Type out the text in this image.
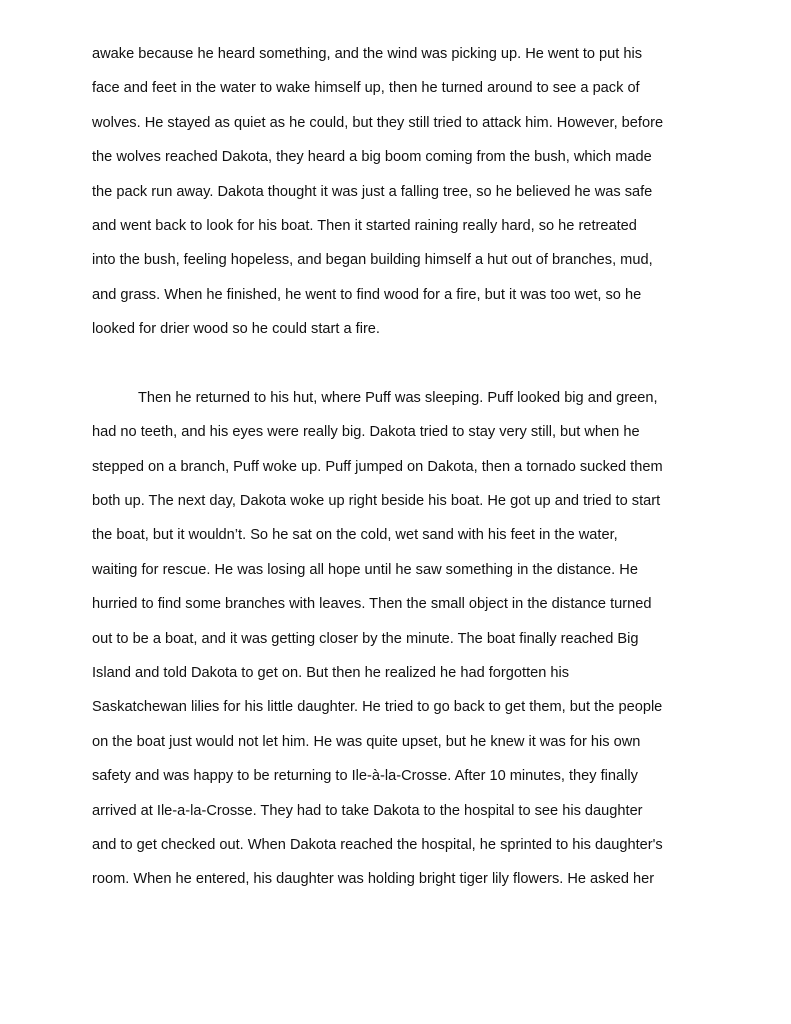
awake because he heard something, and the wind was picking up. He went to put his
face and feet in the water to wake himself up, then he turned around to see a pack of
wolves. He stayed as quiet as he could, but they still tried to attack him. However, before
the wolves reached Dakota, they heard a big boom coming from the bush, which made
the pack run away. Dakota thought it was just a falling tree, so he believed he was safe
and went back to look for his boat. Then it started raining really hard, so he retreated
into the bush, feeling hopeless, and began building himself a hut out of branches, mud,
and grass. When he finished, he went to find wood for a fire, but it was too wet, so he
looked for drier wood so he could start a fire.
Then he returned to his hut, where Puff was sleeping. Puff looked big and green,
had no teeth, and his eyes were really big. Dakota tried to stay very still, but when he
stepped on a branch, Puff woke up. Puff jumped on Dakota, then a tornado sucked them
both up. The next day, Dakota woke up right beside his boat. He got up and tried to start
the boat, but it wouldn’t. So he sat on the cold, wet sand with his feet in the water,
waiting for rescue. He was losing all hope until he saw something in the distance. He
hurried to find some branches with leaves. Then the small object in the distance turned
out to be a boat, and it was getting closer by the minute. The boat finally reached Big
Island and told Dakota to get on. But then he realized he had forgotten his
Saskatchewan lilies for his little daughter. He tried to go back to get them, but the people
on the boat just would not let him. He was quite upset, but he knew it was for his own
safety and was happy to be returning to Ile-à-la-Crosse. After 10 minutes, they finally
arrived at Ile-a-la-Crosse. They had to take Dakota to the hospital to see his daughter
and to get checked out. When Dakota reached the hospital, he sprinted to his daughter's
room. When he entered, his daughter was holding bright tiger lily flowers. He asked her
